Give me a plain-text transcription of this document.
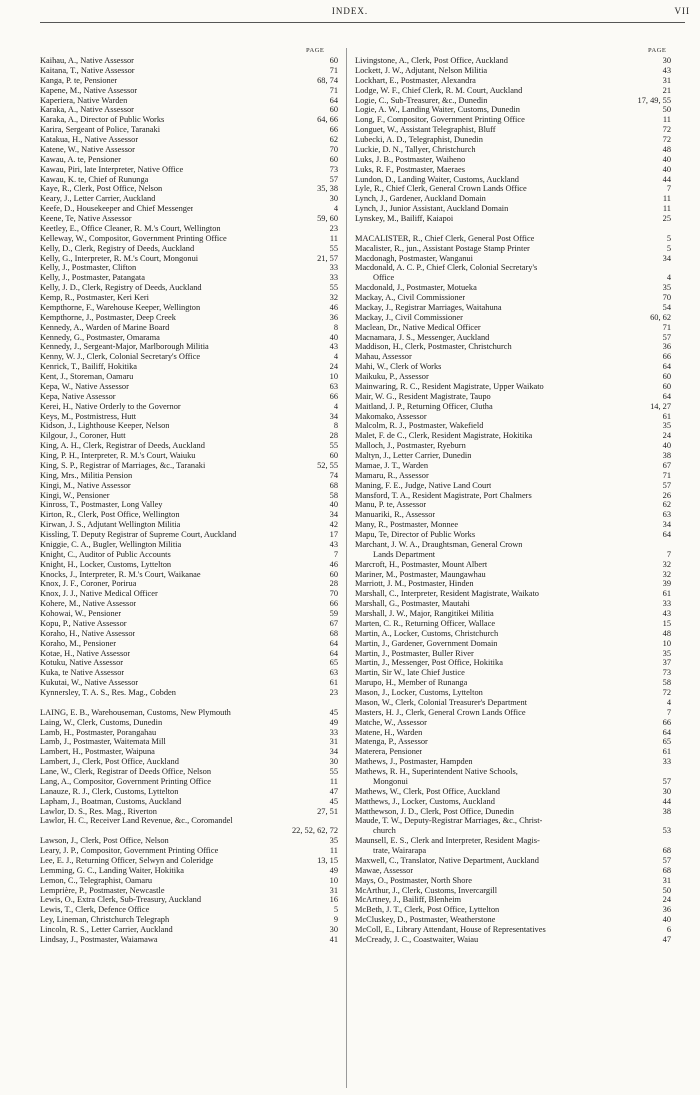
INDEX.	VII
PAGE	PAGE
Kaihau, A., Native Assessor	60
Kaitana, T., Native Assessor	71
Kanga, P. te, Pensioner	68, 74
Kapene, M., Native Assessor	71
Kaperiera, Native Warden	64
Karaka, A., Native Assessor	60
Karaka, A., Director of Public Works	64, 66
Karira, Sergeant of Police, Taranaki	66
Katakua, H., Native Assessor	62
Katene, W., Native Assessor	70
Kawau, A. te, Pensioner	60
Kawau, Piri, late Interpreter, Native Office	73
Kawau, K. te, Chief of Rununga	57
Kaye, R., Clerk, Post Office, Nelson	35, 38
Keary, J., Letter Carrier, Auckland	30
Keefe, D., Housekeeper and Chief Messenger	4
Keene, Te, Native Assessor	59, 60
Keetley, E., Office Cleaner, R. M.'s Court, Wellington	23
Kelleway, W., Compositor, Government Printing Office	11
Kelly, D., Clerk, Registry of Deeds, Auckland	55
Kelly, G., Interpreter, R. M.'s Court, Mongonui	21, 57
Kelly, J., Postmaster, Clifton	33
Kelly, J., Postmaster, Patangata	33
Kelly, J. D., Clerk, Registry of Deeds, Auckland	55
Kemp, R., Postmaster, Keri Keri	32
Kempthorne, F., Warehouse Keeper, Wellington	46
Kempthorne, J., Postmaster, Deep Creek	36
Kennedy, A., Warden of Marine Board	8
Kennedy, G., Postmaster, Omarama	40
Kennedy, J., Sergeant-Major, Marlborough Militia	43
Kenny, W. J., Clerk, Colonial Secretary's Office	4
Kenrick, T., Bailiff, Hokitika	24
Kent, J., Storeman, Oamaru	10
Kepa, W., Native Assessor	63
Kepa, Native Assessor	66
Kerei, H., Native Orderly to the Governor	4
Keys, M., Postmistress, Hutt	34
Kidson, J., Lighthouse Keeper, Nelson	8
Kilgour, J., Coroner, Hutt	28
King, A. H., Clerk, Registrar of Deeds, Auckland	55
King, P. H., Interpreter, R. M.'s Court, Waiuku	60
King, S. P., Registrar of Marriages, &c., Taranaki	52, 55
King, Mrs., Militia Pension	74
Kingi, M., Native Assessor	68
Kingi, W., Pensioner	58
Kinross, T., Postmaster, Long Valley	40
Kirton, R., Clerk, Post Office, Wellington	34
Kirwan, J. S., Adjutant Wellington Militia	42
Kissling, T. Deputy Registrar of Supreme Court, Auckland	17
Kniggie, C. A., Bugler, Wellington Militia	43
Knight, C., Auditor of Public Accounts	7
Knight, H., Locker, Customs, Lyttelton	46
Knocks, J., Interpreter, R. M.'s Court, Waikanae	60
Knox, J. F., Coroner, Porirua	28
Knox, J. J., Native Medical Officer	70
Kohere, M., Native Assessor	66
Kohowai, W., Pensioner	59
Kopu, P., Native Assessor	67
Koraho, H., Native Assessor	68
Koraho, M., Pensioner	64
Kotae, H., Native Assessor	64
Kotuku, Native Assessor	65
Kuka, te Native Assessor	63
Kukutai, W., Native Assessor	61
Kynnersley, T. A. S., Res. Mag., Cobden	23
LAING, E. B., Warehouseman, Customs, New Plymouth	45
Laing, W., Clerk, Customs, Dunedin	49
Lamb, H., Postmaster, Porangahau	33
Lamb, J., Postmaster, Waitemata Mill	31
Lambert, H., Postmaster, Waipuna	34
Lambert, J., Clerk, Post Office, Auckland	30
Lane, W., Clerk, Registrar of Deeds Office, Nelson	55
Lang, A., Compositor, Government Printing Office	11
Lanauze, R. J., Clerk, Customs, Lyttelton	47
Lapham, J., Boatman, Customs, Auckland	45
Lawlor, D. S., Res. Mag., Riverton	27, 51
Lawlor, H. C., Receiver Land Revenue, &c., Coromandel
22, 52, 62, 72
Lawson, J., Clerk, Post Office, Nelson	35
Leary, J. P., Compositor, Government Printing Office	11
Lee, E. J., Returning Officer, Selwyn and Coleridge	13, 15
Lemming, G. C., Landing Waiter, Hokitika	49
Lemon, C., Telegraphist, Oamaru	10
Lemprière, P., Postmaster, Newcastle	31
Lewis, O., Extra Clerk, Sub-Treasury, Auckland	16
Lewis, T., Clerk, Defence Office	5
Ley, Lineman, Christchurch Telegraph	9
Lincoln, R. S., Letter Carrier, Auckland	30
Lindsay, J., Postmaster, Waiamawa	41
Livingstone, A., Clerk, Post Office, Auckland	30
Lockett, J. W., Adjutant, Nelson Militia	43
Lockhart, E., Postmaster, Alexandra	31
Lodge, W. F., Chief Clerk, R. M. Court, Auckland	21
Logie, C., Sub-Treasurer, &c., Dunedin	17, 49, 55
Logie, A. W., Landing Waiter, Customs, Dunedin	50
Long, F., Compositor, Government Printing Office	11
Longuet, W., Assistant Telegraphist, Bluff	72
Lubecki, A. D., Telegraphist, Dunedin	72
Luckie, D. N., Tallyer, Christchurch	48
Luks, J. B., Postmaster, Waiheno	40
Luks, R. F., Postmaster, Maeraes	40
Lundon, D., Landing Waiter, Customs, Auckland	44
Lyle, R., Chief Clerk, General Crown Lands Office	7
Lynch, J., Gardener, Auckland Domain	11
Lynch, J., Junior Assistant, Auckland Domain	11
Lynskey, M., Bailiff, Kaiapoi	25
MACALISTER, R., Chief Clerk, General Post Office	5
Macalister, R., jun., Assistant Postage Stamp Printer	5
Macdonagh, Postmaster, Wanganui	34
Macdonald, A. C. P., Chief Clerk, Colonial Secretary's
Office	4
Macdonald, J., Postmaster, Motueka	35
Mackay, A., Civil Commissioner	70
Mackay, J., Registrar Marriages, Waitahuna	54
Mackay, J., Civil Commissioner	60, 62
Maclean, Dr., Native Medical Officer	71
Macnamara, J. S., Messenger, Auckland	57
Maddison, H., Clerk, Postmaster, Christchurch	36
Mahau, Assessor	66
Mahi, W., Clerk of Works	64
Maikuku, P., Assessor	60
Mainwaring, R. C., Resident Magistrate, Upper Waikato	60
Mair, W. G., Resident Magistrate, Taupo	64
Maitland, J. P., Returning Officer, Clutha	14, 27
Makomako, Assessor	61
Malcolm, R. J., Postmaster, Wakefield	35
Malet, F. de C., Clerk, Resident Magistrate, Hokitika	24
Malloch, J., Postmaster, Ryeburn	40
Maltyn, J., Letter Carrier, Dunedin	38
Mamae, J. T., Warden	67
Mamaru, R., Assessor	71
Maning, F. E., Judge, Native Land Court	57
Mansford, T. A., Resident Magistrate, Port Chalmers	26
Manu, P. te, Assessor	62
Manuariki, R., Assessor	63
Many, R., Postmaster, Monnee	34
Mapu, Te, Director of Public Works	64
Marchant, J. W. A., Draughtsman, General Crown
Lands Department	7
Marcroft, H., Postmaster, Mount Albert	32
Mariner, M., Postmaster, Maungawhau	32
Marriott, J. M., Postmaster, Hinden	39
Marshall, C., Interpreter, Resident Magistrate, Waikato	61
Marshall, G., Postmaster, Mautahi	33
Marshall, J. W., Major, Rangitikei Militia	43
Marten, C. R., Returning Officer, Wallace	15
Martin, A., Locker, Customs, Christchurch	48
Martin, J., Gardener, Government Domain	10
Martin, J., Postmaster, Buller River	35
Martin, J., Messenger, Post Office, Hokitika	37
Martin, Sir W., late Chief Justice	73
Marupo, H., Member of Runanga	58
Mason, J., Locker, Customs, Lyttelton	72
Mason, W., Clerk, Colonial Treasurer's Department	4
Masters, H. J., Clerk, General Crown Lands Office	7
Matche, W., Assessor	66
Matene, H., Warden	64
Matenga, P., Assessor	65
Materera, Pensioner	61
Mathews, J., Postmaster, Hampden	33
Mathews, R. H., Superintendent Native Schools,
Mongonui	57
Mathews, W., Clerk, Post Office, Auckland	30
Matthews, J., Locker, Customs, Auckland	44
Matthewson, J. D., Clerk, Post Office, Dunedin	38
Maude, T. W., Deputy-Registrar Marriages, &c., Christ-
church	53
Maunsell, E. S., Clerk and Interpreter, Resident Magis-
trate, Wairarapa	68
Maxwell, C., Translator, Native Department, Auckland	57
Mawae, Assessor	68
Mays, O., Postmaster, North Shore	31
McArthur, J., Clerk, Customs, Invercargill	50
McArtney, J., Bailiff, Blenheim	24
McBeth, J. T., Clerk, Post Office, Lyttelton	36
McCluskey, D., Postmaster, Weatherstone	40
McColl, E., Library Attendant, House of Representatives	6
McCready, J. C., Coastwaiter, Waiau	47
